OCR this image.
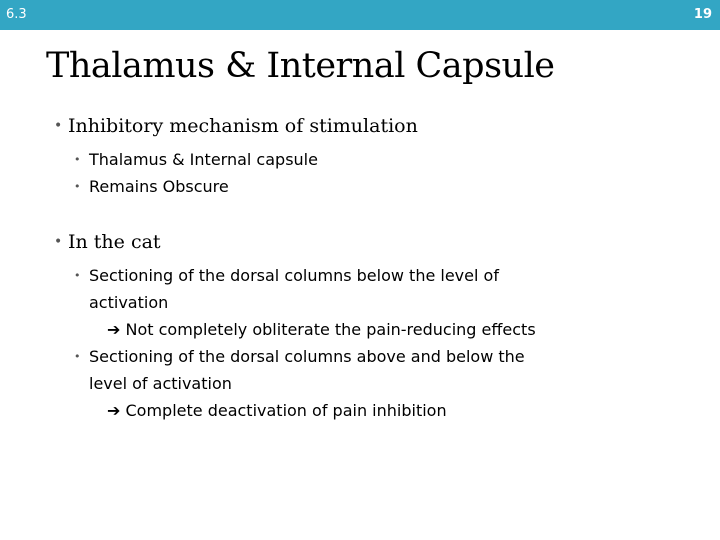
6.3	19
Thalamus & Internal Capsule
• Inhibitory mechanism of stimulation
• Thalamus & Internal capsule
• Remains Obscure
• In the cat
• Sectioning of the dorsal columns below the level of
activation
➔ Not completely obliterate the pain-reducing effects
• Sectioning of the dorsal columns above and below the
level of activation
➔ Complete deactivation of pain inhibition
